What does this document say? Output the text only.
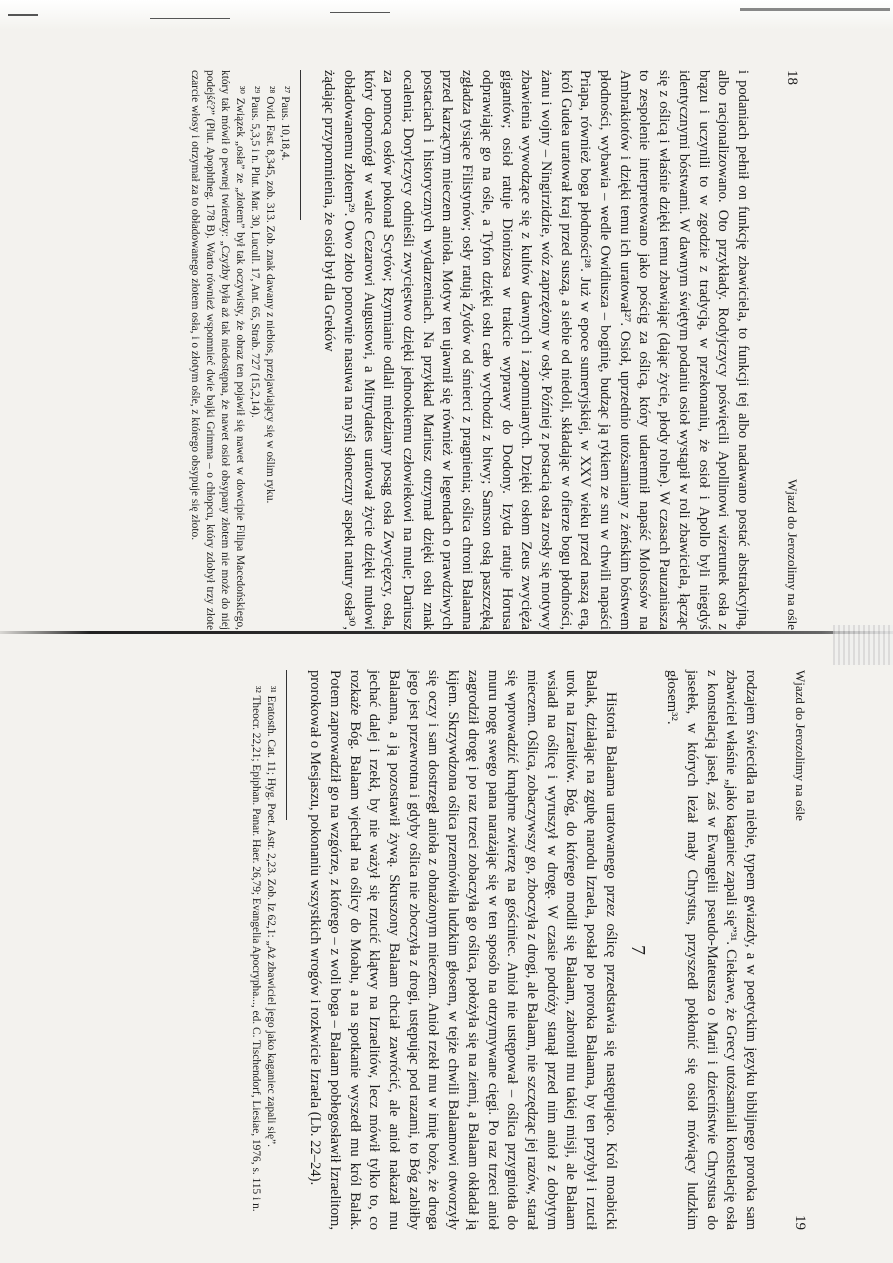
18
Wjazd do Jerozolimy na ośle

i podaniach pełnił on funkcję zbawiciela, to funkcji tej albo nadawano postać abstrakcyjną, albo racjonalizowano. Oto przykłady. Rodyjczycy poświęcili Apollinowi wizerunek osła z brązu i uczynili to w zgodzie z tradycją, w przekonaniu, że osioł i Apollo byli niegdyś identycznymi bóstwami. W dawnym świętym podaniu osioł wystąpił w roli zbawiciela, łącząc się z oślicą i właśnie dzięki temu zbawiając (dając życie, płody rolne). W czasach Pauzaniasza to zespolenie interpretowano jako pościg za oślicą, który udaremnił napaść Molossów na Ambrakiotów i dzięki temu ich uratował²⁷. Osioł, uprzednio utożsamiany z żeńskim bóstwem płodności, wybawia – wedle Owidiusza – boginię, budząc ją rykiem ze snu w chwili napaści Priapa, również boga płodności²⁸. Już w epoce sumeryjskiej, w XXV wieku przed naszą erą, król Gudea uratował kraj przed suszą, a siebie od niedoli, składając w ofierze bogu płodności, żanu i wojny – Ningirzidzie, wóz zaprzężony w osły. Później z postacią osła zrosły się motywy zbawienia wywodzące się z kultów dawnych i zapomnianych. Dzięki osłom Zeus zwycięża gigantów; osioł ratuje Dionizosa w trakcie wyprawy do Dodony. Izyda ratuje Horusa odprawiając go na ośle, a Tyfon dzięki osłu cało wychodzi z bitwy; Samson osłą paszczęką zgładza tysiące Filistynów; osły ratują Żydów od śmierci z pragnienia; oślica chroni Balaama przed karzącym mieczem anioła. Motyw ten ujawnił się również w legendach o prawdziwych postaciach i historycznych wydarzeniach. Na przykład Mariusz otrzymał dzięki osłu znak ocalenia; Dorylczycy odnieśli zwycięstwo dzięki jednookiemu człowiekowi na mule; Dariusz za pomocą osłów pokonał Scytów; Rzymianie odlali miedziany posąg osła Zwycięzcy, osła, który dopomógł w walce Cezarowi Augustowi, a Mitrydates uratował życie dzięki mułowi obładowanemu złotem²⁹. Owo złoto ponownie nasuwa na myśl słoneczny aspekt natury osła³⁰, żądając przypomnienia, że osioł był dla Greków

²⁷ Paus. 10,18,4.

²⁸ Ovid. Fast. 8,345, zob. 313. Zob. znak dawany z niebios, przejawiający się w oślim ryku.

²⁹ Paus. 5,3,5 i n. Plut. Mar. 30, Lucull. 17, Ant. 65, Strab. 727 (15,2,14).

³⁰ Związek „osła” ze „złotem” był tak oczywisty, że obraz ten pojawił się nawet w dowcipie Filipa Macedońskiego, który tak mówił o pewnej twierdzy: „Czyżby była aż tak niedostępna, że nawet osioł obsypany złotem nie może do niej podejść?” (Plut. Apophtheg. 178 B). Warto również wspomnieć dwie bajki Grimma – o chłopcu, który zdobył trzy złote czarcie włosy i otrzymał za to obładowanego złotem osła, i o złotym ośle, z którego obsypuje się złoto.

Wjazd do Jerozolimy na ośle
19

rodzajem świecidła na niebie, typem gwiazdy, a w poetyckim języku biblijnego proroka sam zbawiciel właśnie „jako kaganiec zapali się”³¹. Ciekawe, że Grecy utożsamiali konstelację osła z konstelacją jaseł, zaś w Ewangelii pseudo-Mateusza o Marii i dzieciństwie Chrystusa do jasełek, w których leżał mały Chrystus, przyszedł pokłonić się osioł mówiący ludzkim głosem³².

7

Historia Balaama uratowanego przez oślicę przedstawia się następująco. Król moabicki Balak, działając na zgubę narodu Izraela, posłał po proroka Balaama, by ten przybył i rzucił urok na Izraelitów. Bóg, do którego modlił się Balaam, zabronił mu takiej misji, ale Balaam wsiadł na oślicę i wyruszył w drogę. W czasie podróży stanął przed nim anioł z dobytym mieczem. Oślica, zobaczywszy go, zboczyła z drogi, ale Balaam, nie szczędząc jej razów, starał się wprowadzić krnąbrne zwierzę na gościniec. Anioł nie ustępował – oślica przygniotła do muru nogę swego pana narażając się w ten sposób na otrzymywane cięgi. Po raz trzeci anioł zagrodził drogę i po raz trzeci zobaczyła go oślica, położyła się na ziemi, a Balaam okładał ją kijem. Skrzywdzona oślica przemówiła ludzkim głosem, w tejże chwili Balaamowi otworzyły się oczy i sam dostrzegł anioła z obnażonym mieczem. Anioł rzekł mu w imię boże, że droga jego jest przewrotna i gdyby oślica nie zboczyła z drogi, ustępując pod razami, to Bóg zabiłby Balaama, a ją pozostawił żywą. Skruszony Balaam chciał zawrócić, ale anioł nakazał mu jechać dalej i rzekł, by nie ważył się rzucić klątwy na Izraelitów, lecz mówił tylko to, co rozkaże Bóg. Balaam wjechał na oślicy do Moabu, a na spotkanie wyszedł mu król Balak. Potem zaprowadził go na wzgórze, z którego – z woli boga – Balaam pobłogosławił Izraelitom, prorokował o Mesjaszu, pokonaniu wszystkich wrogów i rozkwicie Izraela (Lb. 22–24).

³¹ Eratosth. Cat. 11; Hyg. Poet. Astr. 2,23. Zob. Iz 62,1: „Aż zbawiciel jego jako kaganiec zapali się”.

³² Theocr. 22,21; Epiphan. Panar. Haer. 26,79; Evangelia Apocrypha..., ed. C. Tischendorf, Liesiae, 1976, s. 115 i n.
